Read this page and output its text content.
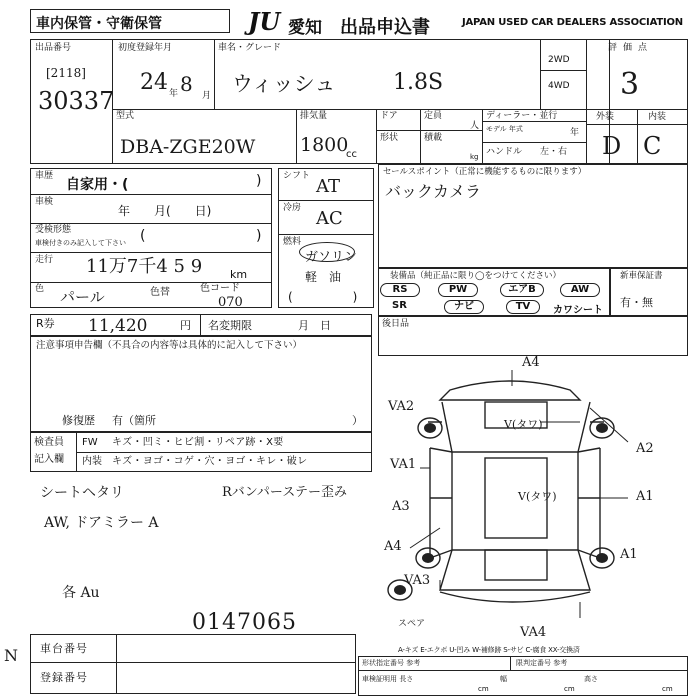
車内保管・守衛保管	JU 愛知 出品申込書	JAPAN USED CAR DEALERS ASSOCIATION
出品番号
[2118]
30337
初度登録年月
24 年 8 月
車名・グレード
ウィッシュ	1.8S
2WD
4WD
評価点
3
型式
DBA-ZGE20W
排気量
1800
cc
ドア
形状
定員
人
積載
kg
ディーラー・並行
モデル 年式	年
ハンドル 左・右
外装	内装
D C
車歴
自家用・(	)
車検
年　　月(　　日)
受検形態
車検付きのみ記入して下さい (	)
走行 11万7千4 5 9	km
色 パール	色替	色コード
070
シフト AT
冷房 AC
燃料
ガソリン
軽　油
(　　　　　)
セールスポイント（正常に機能するものに限ります）
バックカメラ
装備品（純正品に限り◯をつけてください）
RS	PW	エアB	AW
SR	ナビ	TV	カワシート
新車保証書
有・無
R券 11,420	円 名変期限	月　日	後日品
注意事項申告欄（不具合の内容等は具体的に記入して下さい）
修復歴 有（箇所	）
検査員
記入欄
FW キズ・凹ミ・ヒビ割・リペア跡・X要
内装 キズ・ヨゴ・コゲ・穴・ヨゴ・キレ・破レ
シートヘタリ	Rバンパーステー歪み
AW, ドアミラー A
各 Au
A4
VA2
A2
V(タワ)
VA1
A1
V(タワ)
A3
A4
VA3
A1
スペア
VA4
A-キズ E-エクボ U-凹み W-補修跡 S-サビ C-腐食 XX-交換済
形状指定番号 参考	限判定番号 参考
車検証明用 長さ
cm
幅
cm
高さ
cm
車台番号
0147065
登録番号
N
